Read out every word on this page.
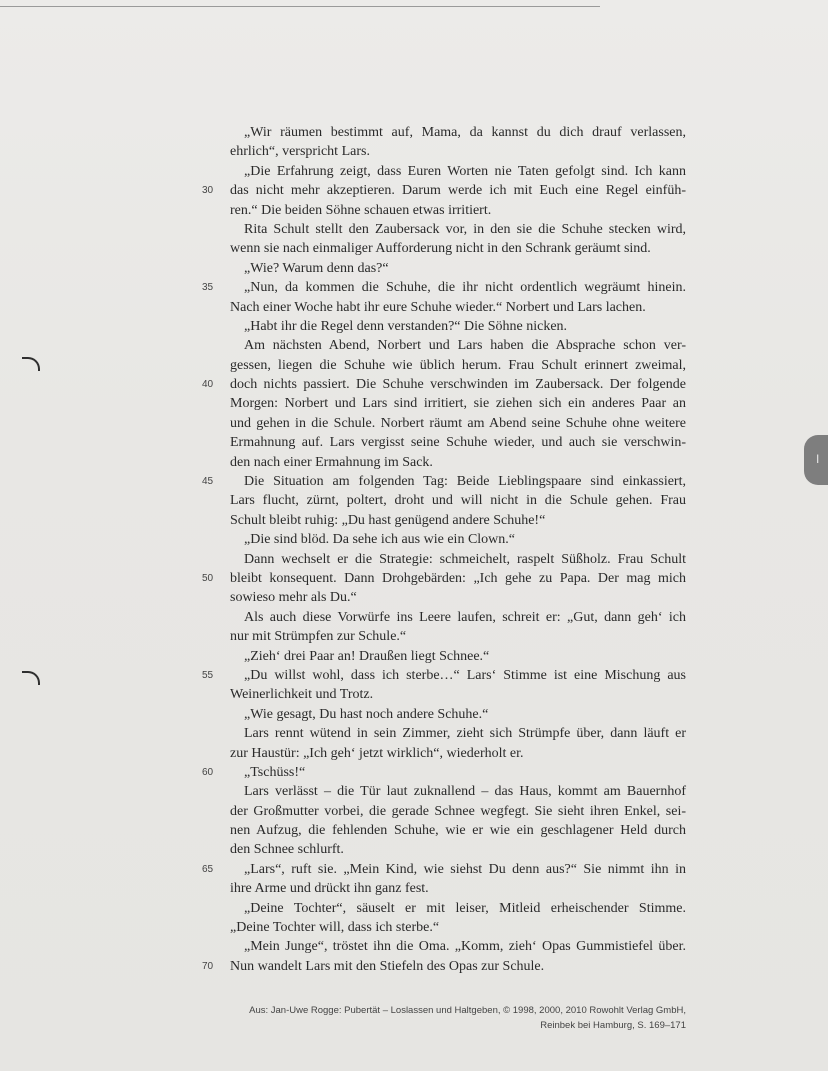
„Wir räumen bestimmt auf, Mama, da kannst du dich drauf verlassen,
ehrlich“, verspricht Lars.
„Die Erfahrung zeigt, dass Euren Worten nie Taten gefolgt sind. Ich kann
das nicht mehr akzeptieren. Darum werde ich mit Euch eine Regel einfüh-
30
ren.“ Die beiden Söhne schauen etwas irritiert.
Rita Schult stellt den Zaubersack vor, in den sie die Schuhe stecken wird,
wenn sie nach einmaliger Aufforderung nicht in den Schrank geräumt sind.
„Wie? Warum denn das?“
„Nun, da kommen die Schuhe, die ihr nicht ordentlich wegräumt hinein.
35
Nach einer Woche habt ihr eure Schuhe wieder.“ Norbert und Lars lachen.
„Habt ihr die Regel denn verstanden?“ Die Söhne nicken.
Am nächsten Abend, Norbert und Lars haben die Absprache schon ver-
gessen, liegen die Schuhe wie üblich herum. Frau Schult erinnert zweimal,
doch nichts passiert. Die Schuhe verschwinden im Zaubersack. Der folgende
40
Morgen: Norbert und Lars sind irritiert, sie ziehen sich ein anderes Paar an
und gehen in die Schule. Norbert räumt am Abend seine Schuhe ohne weitere
Ermahnung auf. Lars vergisst seine Schuhe wieder, und auch sie verschwin-
den nach einer Ermahnung im Sack.
Die Situation am folgenden Tag: Beide Lieblingspaare sind einkassiert,
45
Lars flucht, zürnt, poltert, droht und will nicht in die Schule gehen. Frau
Schult bleibt ruhig: „Du hast genügend andere Schuhe!“
„Die sind blöd. Da sehe ich aus wie ein Clown.“
Dann wechselt er die Strategie: schmeichelt, raspelt Süßholz. Frau Schult
bleibt konsequent. Dann Drohgebärden: „Ich gehe zu Papa. Der mag mich
50
sowieso mehr als Du.“
Als auch diese Vorwürfe ins Leere laufen, schreit er: „Gut, dann geh‘ ich
nur mit Strümpfen zur Schule.“
„Zieh‘ drei Paar an! Draußen liegt Schnee.“
„Du willst wohl, dass ich sterbe…“ Lars‘ Stimme ist eine Mischung aus
55
Weinerlichkeit und Trotz.
„Wie gesagt, Du hast noch andere Schuhe.“
Lars rennt wütend in sein Zimmer, zieht sich Strümpfe über, dann läuft er
zur Haustür: „Ich geh‘ jetzt wirklich“, wiederholt er.
„Tschüss!“
60
Lars verlässt – die Tür laut zuknallend – das Haus, kommt am Bauernhof
der Großmutter vorbei, die gerade Schnee wegfegt. Sie sieht ihren Enkel, sei-
nen Aufzug, die fehlenden Schuhe, wie er wie ein geschlagener Held durch
den Schnee schlurft.
„Lars“, ruft sie. „Mein Kind, wie siehst Du denn aus?“ Sie nimmt ihn in
65
ihre Arme und drückt ihn ganz fest.
„Deine Tochter“, säuselt er mit leiser, Mitleid erheischender Stimme.
„Deine Tochter will, dass ich sterbe.“
„Mein Junge“, tröstet ihn die Oma. „Komm, zieh‘ Opas Gummistiefel über.
Nun wandelt Lars mit den Stiefeln des Opas zur Schule.
70
Aus: Jan-Uwe Rogge: Pubertät – Loslassen und Haltgeben, © 1998, 2000, 2010 Rowohlt Verlag GmbH,
Reinbek bei Hamburg, S. 169–171
I
